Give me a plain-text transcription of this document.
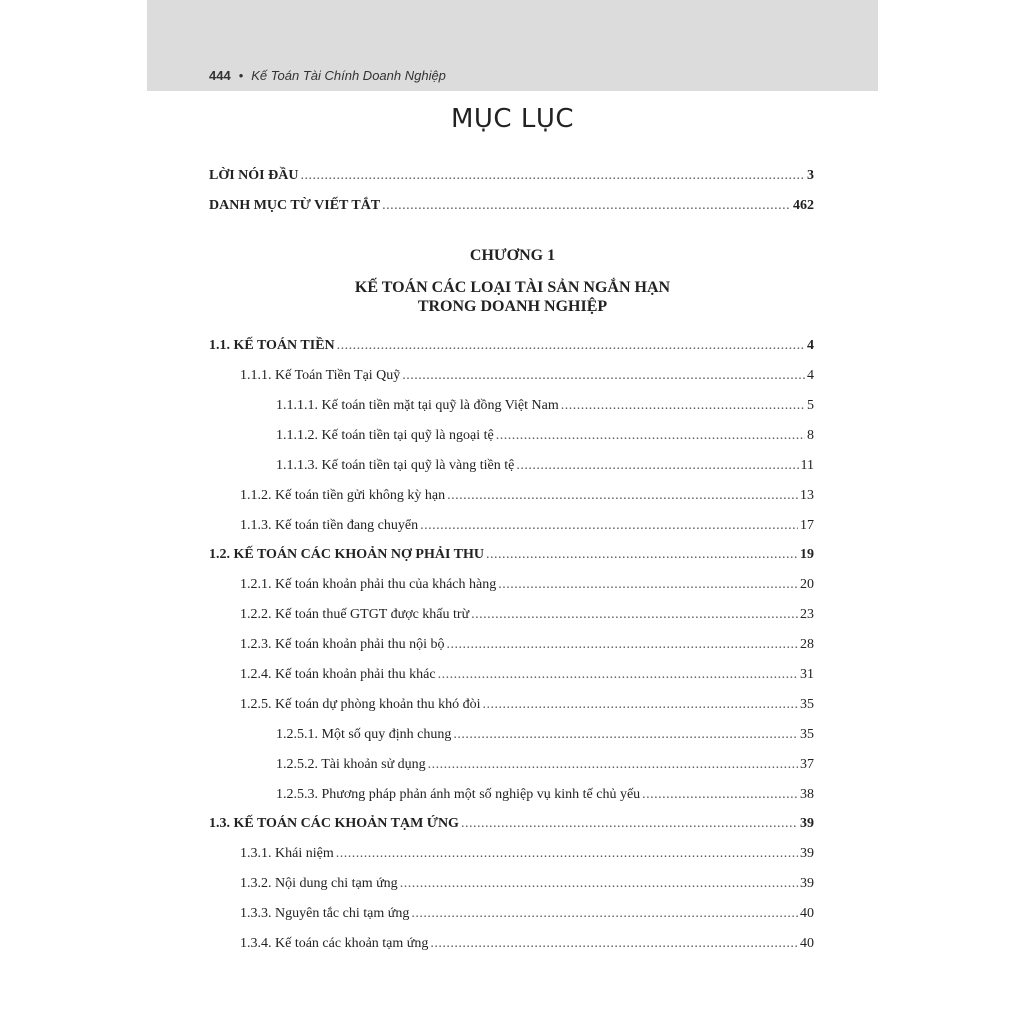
444 • Kế Toán Tài Chính Doanh Nghiệp
MỤC LỤC
LỜI NÓI ĐẦU .....	3
DANH MỤC TỪ VIẾT TẮT .....	462
CHƯƠNG 1
KẾ TOÁN CÁC LOẠI TÀI SẢN NGẮN HẠN
TRONG DOANH NGHIỆP
1.1. KẾ TOÁN TIỀN .....	4
1.1.1. Kế Toán Tiền Tại Quỹ .....	4
1.1.1.1. Kế toán tiền mặt tại quỹ là đồng Việt Nam .....	5
1.1.1.2. Kế toán tiền tại quỹ là ngoại tệ .....	8
1.1.1.3. Kế toán tiền tại quỹ là vàng tiền tệ .....	11
1.1.2. Kế toán tiền gửi không kỳ hạn .....	13
1.1.3. Kế toán tiền đang chuyển .....	17
1.2. KẾ TOÁN CÁC KHOẢN NỢ PHẢI THU .....	19
1.2.1. Kế toán khoản phải thu của khách hàng .....	20
1.2.2. Kế toán thuế GTGT được khấu trừ .....	23
1.2.3. Kế toán khoản phải thu nội bộ .....	28
1.2.4. Kế toán khoản phải thu khác .....	31
1.2.5. Kế toán dự phòng khoản thu khó đòi .....	35
1.2.5.1. Một số quy định chung .....	35
1.2.5.2. Tài khoản sử dụng .....	37
1.2.5.3. Phương pháp phản ánh một số nghiệp vụ kinh tế chủ yếu .....	38
1.3. KẾ TOÁN CÁC KHOẢN TẠM ỨNG .....	39
1.3.1. Khái niệm .....	39
1.3.2. Nội dung chi tạm ứng .....	39
1.3.3. Nguyên tắc chi tạm ứng .....	40
1.3.4. Kế toán các khoản tạm ứng .....	40
